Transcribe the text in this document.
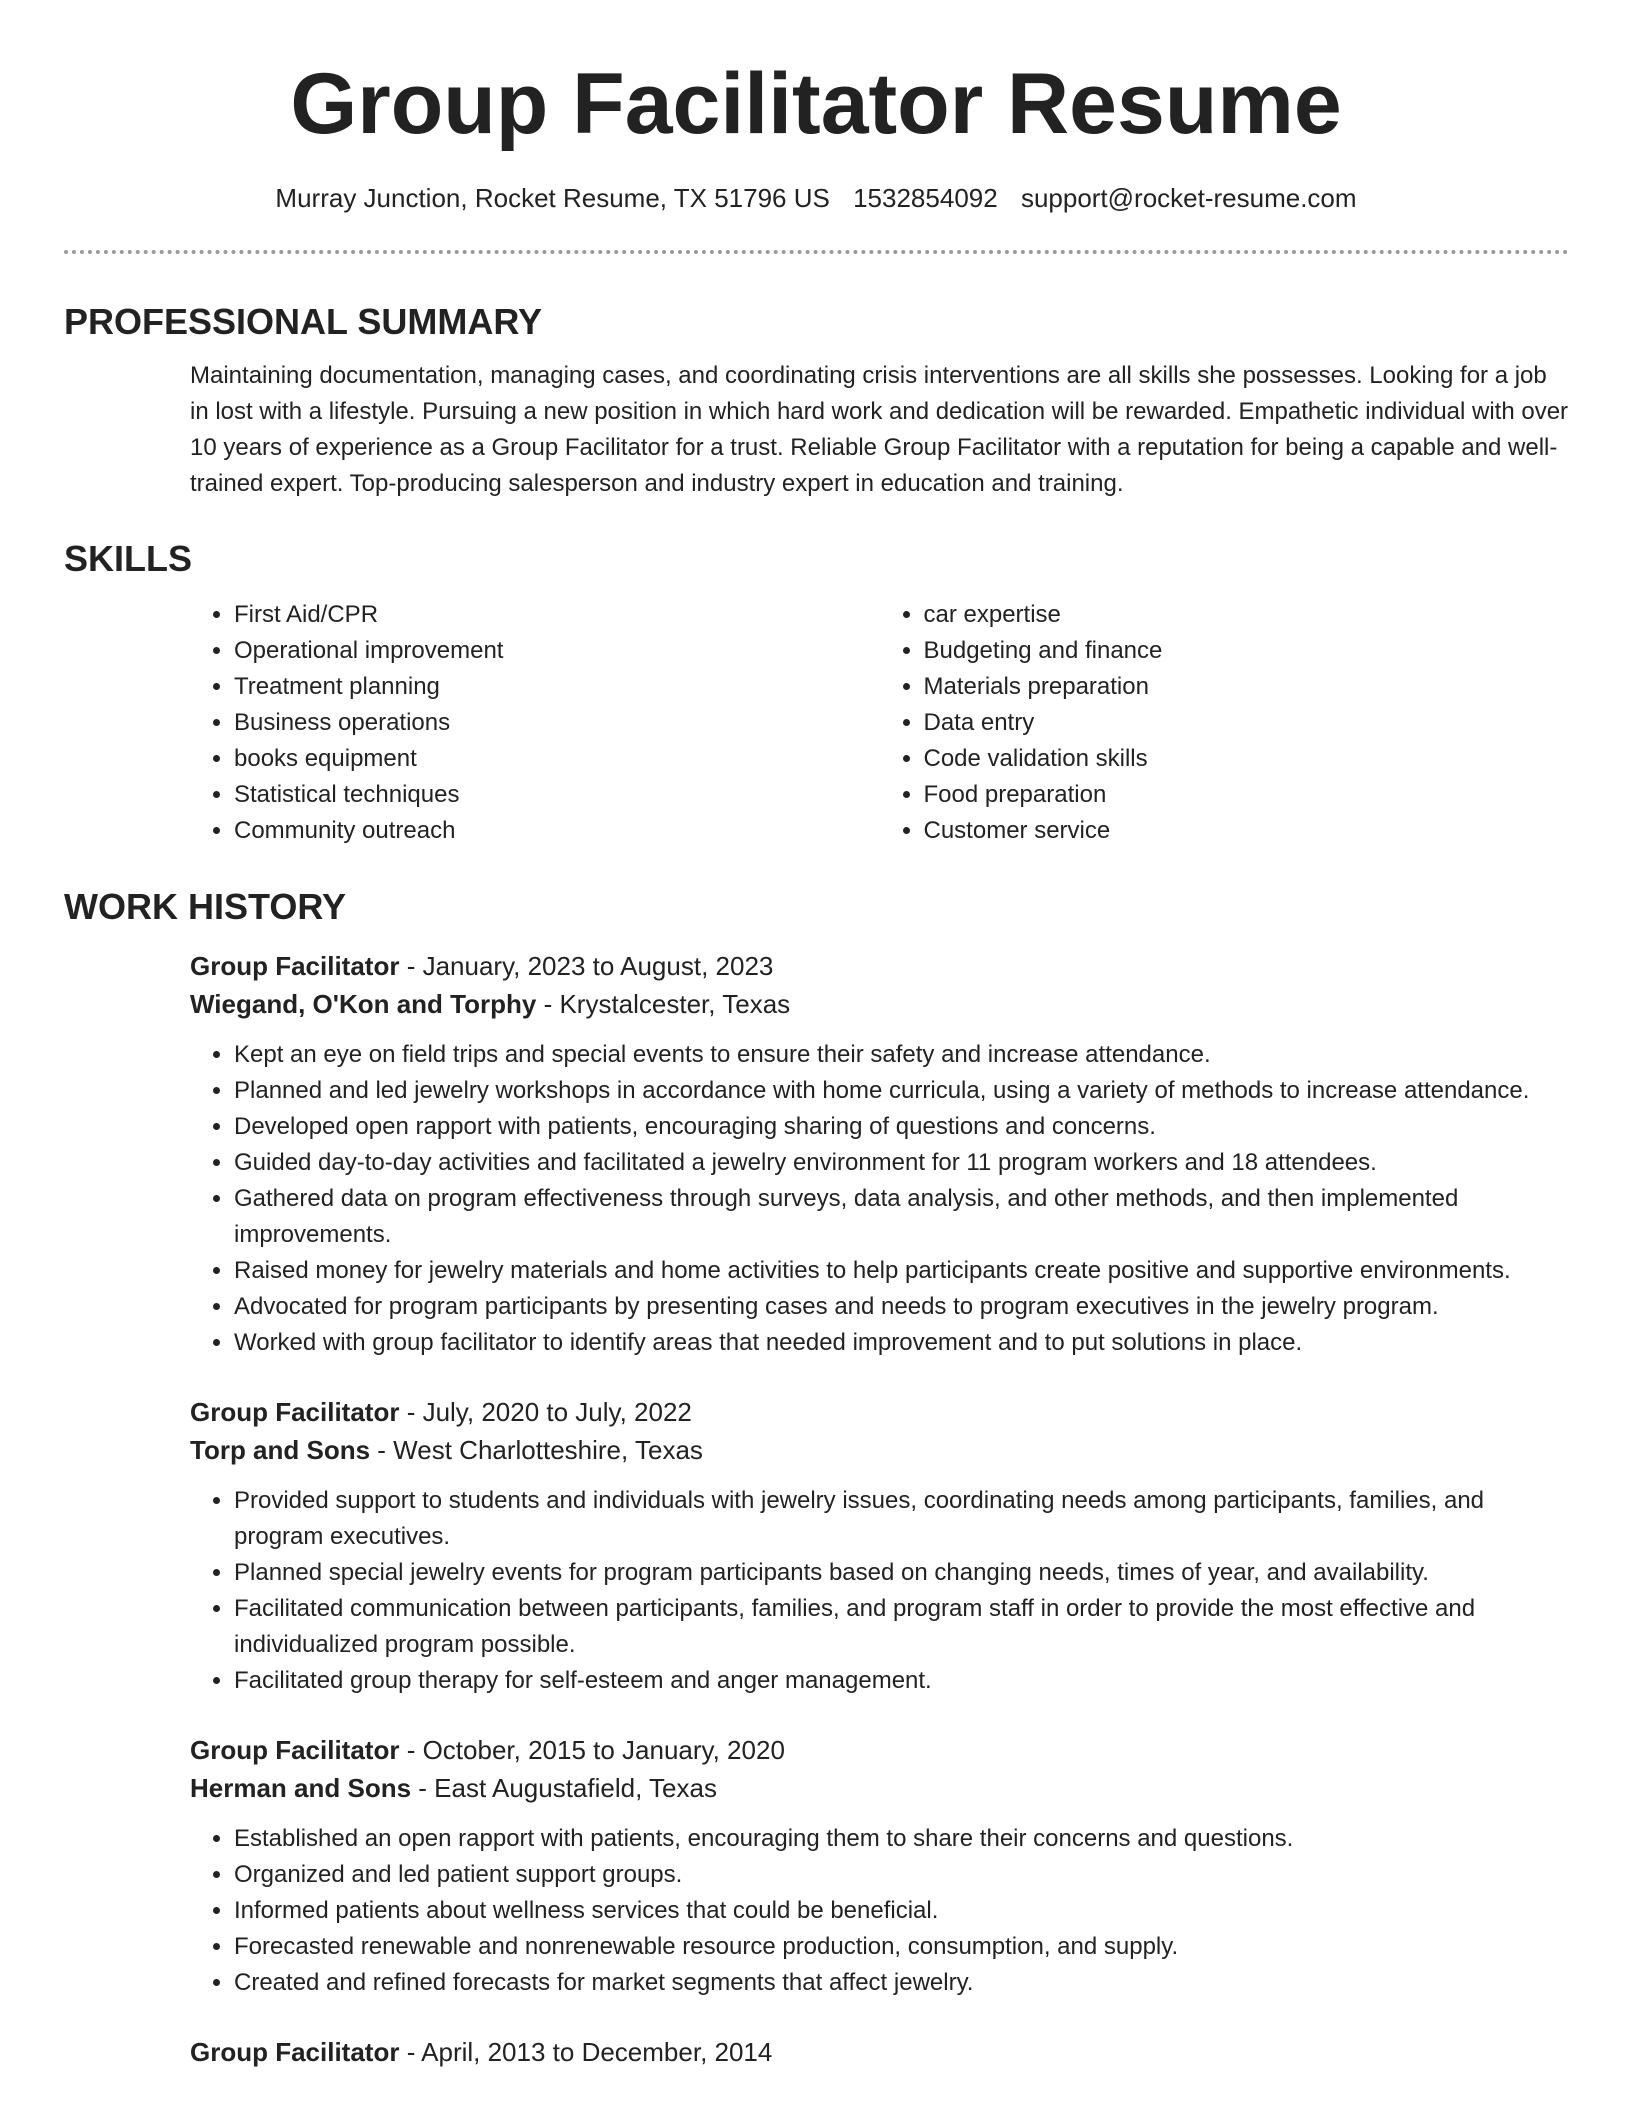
Group Facilitator Resume
Murray Junction, Rocket Resume, TX 51796 US 1532854092 support@rocket-resume.com
PROFESSIONAL SUMMARY

Maintaining documentation, managing cases, and coordinating crisis interventions are all skills she possesses. Looking for a job in lost with a lifestyle. Pursuing a new position in which hard work and dedication will be rewarded. Empathetic individual with over 10 years of experience as a Group Facilitator for a trust. Reliable Group Facilitator with a reputation for being a capable and well-trained expert. Top-producing salesperson and industry expert in education and training.

SKILLS
• First Aid/CPR
• Operational improvement
• Treatment planning
• Business operations
• books equipment
• Statistical techniques
• Community outreach
• car expertise
• Budgeting and finance
• Materials preparation
• Data entry
• Code validation skills
• Food preparation
• Customer service
WORK HISTORY
Group Facilitator - January, 2023 to August, 2023
Wiegand, O'Kon and Torphy - Krystalcester, Texas
• Kept an eye on field trips and special events to ensure their safety and increase attendance.
• Planned and led jewelry workshops in accordance with home curricula, using a variety of methods to increase attendance.
• Developed open rapport with patients, encouraging sharing of questions and concerns.
• Guided day-to-day activities and facilitated a jewelry environment for 11 program workers and 18 attendees.
• Gathered data on program effectiveness through surveys, data analysis, and other methods, and then implemented improvements.
• Raised money for jewelry materials and home activities to help participants create positive and supportive environments.
• Advocated for program participants by presenting cases and needs to program executives in the jewelry program.
• Worked with group facilitator to identify areas that needed improvement and to put solutions in place.
Group Facilitator - July, 2020 to July, 2022
Torp and Sons - West Charlotteshire, Texas
• Provided support to students and individuals with jewelry issues, coordinating needs among participants, families, and program executives.
• Planned special jewelry events for program participants based on changing needs, times of year, and availability.
• Facilitated communication between participants, families, and program staff in order to provide the most effective and individualized program possible.
• Facilitated group therapy for self-esteem and anger management.
Group Facilitator - October, 2015 to January, 2020
Herman and Sons - East Augustafield, Texas
• Established an open rapport with patients, encouraging them to share their concerns and questions.
• Organized and led patient support groups.
• Informed patients about wellness services that could be beneficial.
• Forecasted renewable and nonrenewable resource production, consumption, and supply.
• Created and refined forecasts for market segments that affect jewelry.
Group Facilitator - April, 2013 to December, 2014
